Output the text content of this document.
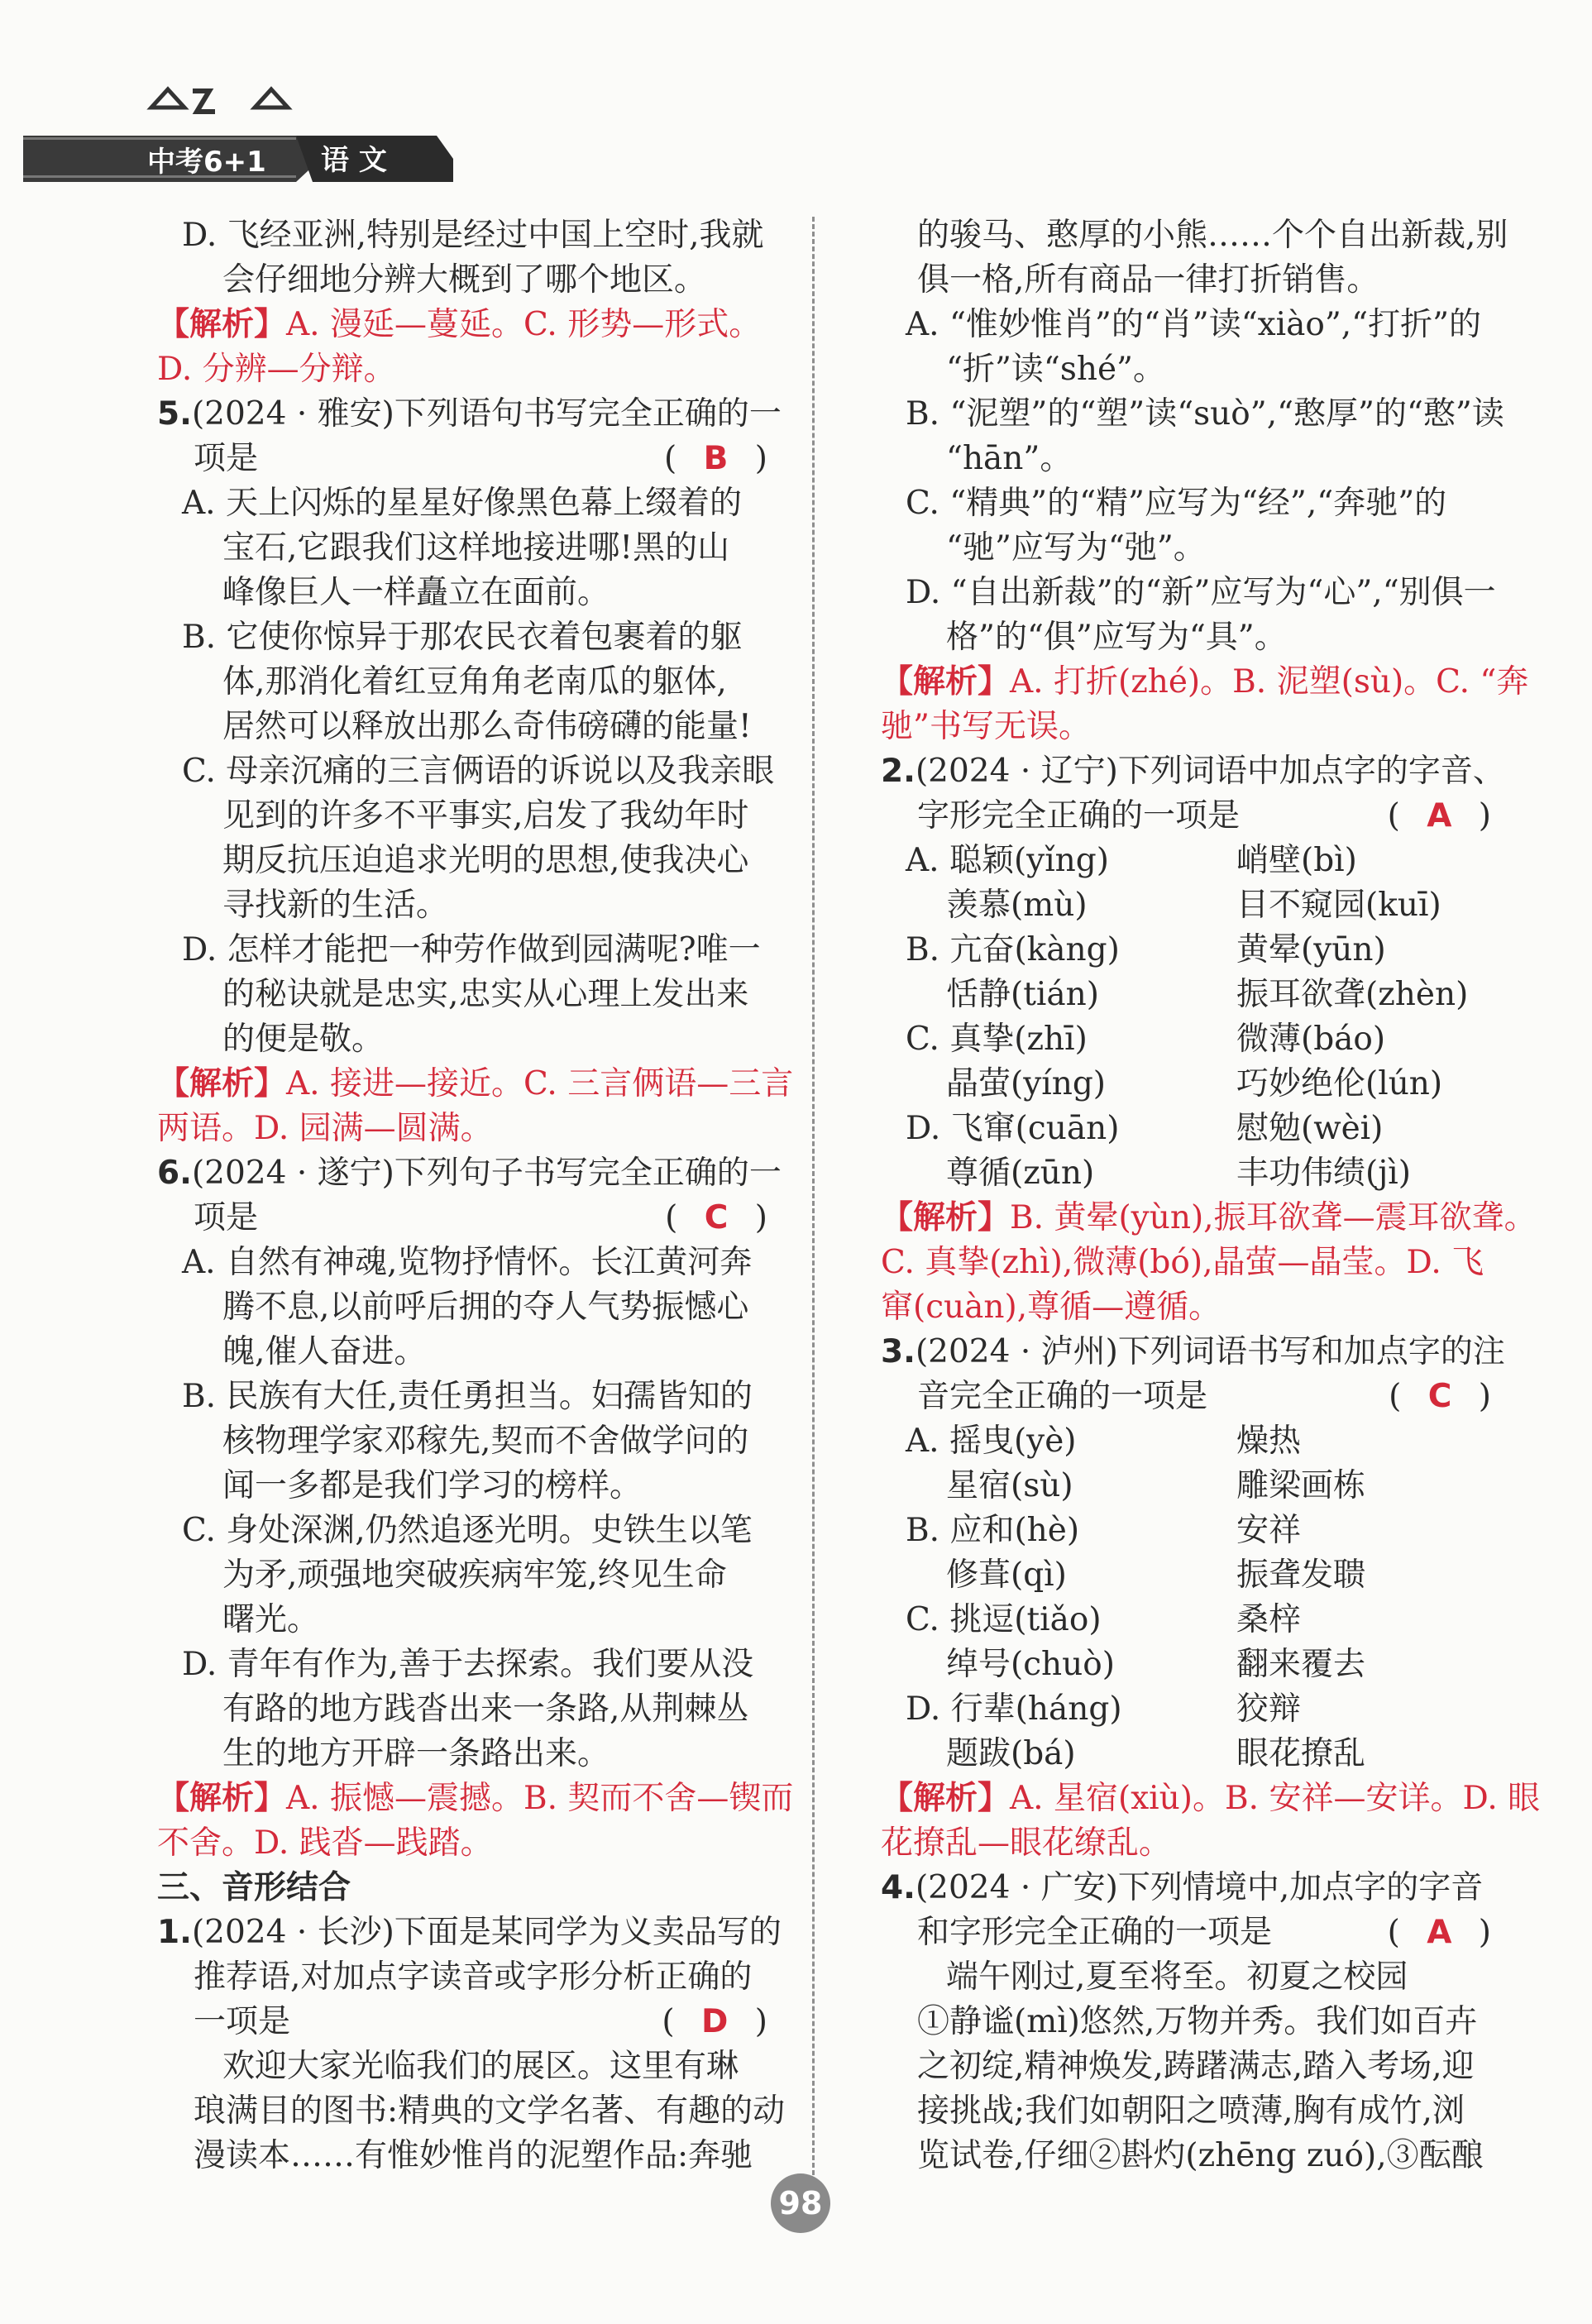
中考6+1 语 文
D. 飞经亚洲,特别是经过中国上空时,我就
会仔细地分辨大概到了哪个地区。
【解析】A. 漫延—蔓延。C. 形势—形式。
D. 分辨—分辩。
5.(2024 · 雅安)下列语句书写完全正确的一
项是	( B )
A. 天上闪烁的星星好像黑色幕上缀着的
宝石,它跟我们这样地接进哪!黑的山
峰像巨人一样矗立在面前。
B. 它使你惊异于那农民衣着包裹着的躯
体,那消化着红豆角角老南瓜的躯体,
居然可以释放出那么奇伟磅礴的能量!
C. 母亲沉痛的三言俩语的诉说以及我亲眼
见到的许多不平事实,启发了我幼年时
期反抗压迫追求光明的思想,使我决心
寻找新的生活。
D. 怎样才能把一种劳作做到园满呢?唯一
的秘诀就是忠实,忠实从心理上发出来
的便是敬。
【解析】A. 接进—接近。C. 三言俩语—三言
两语。D. 园满—圆满。
6.(2024 · 遂宁)下列句子书写完全正确的一
项是	( C )
A. 自然有神魂,览物抒情怀。长江黄河奔
腾不息,以前呼后拥的夺人气势振憾心
魄,催人奋进。
B. 民族有大任,责任勇担当。妇孺皆知的
核物理学家邓稼先,契而不舍做学问的
闻一多都是我们学习的榜样。
C. 身处深渊,仍然追逐光明。史铁生以笔
为矛,顽强地突破疾病牢笼,终见生命
曙光。
D. 青年有作为,善于去探索。我们要从没
有路的地方践沓出来一条路,从荆棘丛
生的地方开辟一条路出来。
【解析】A. 振憾—震撼。B. 契而不舍—锲而
不舍。D. 践沓—践踏。
三、音形结合
1.(2024 · 长沙)下面是某同学为义卖品写的
推荐语,对加点字读音或字形分析正确的
一项是	( D )
欢迎大家光临我们的展区。这里有琳
琅满目的图书:精典的文学名著、有趣的动
漫读本……有惟妙惟肖的泥塑作品:奔驰
的骏马、憨厚的小熊……个个自出新裁,别
俱一格,所有商品一律打折销售。
A. “惟妙惟肖”的“肖”读“xiào”,“打折”的
“折”读“shé”。
B. “泥塑”的“塑”读“suò”,“憨厚”的“憨”读
“hān”。
C. “精典”的“精”应写为“经”,“奔驰”的
“驰”应写为“弛”。
D. “自出新裁”的“新”应写为“心”,“别俱一
格”的“俱”应写为“具”。
【解析】A. 打折(zhé)。B. 泥塑(sù)。C. “奔
驰”书写无误。
2.(2024 · 辽宁)下列词语中加点字的字音、
字形完全正确的一项是	( A )
A. 聪颖(yǐng)	峭壁(bì)
羡慕(mù)	目不窥园(kuī)
B. 亢奋(kàng)	黄晕(yūn)
恬静(tián)	振耳欲聋(zhèn)
C. 真挚(zhī)	微薄(báo)
晶萤(yíng)	巧妙绝伦(lún)
D. 飞窜(cuān)	慰勉(wèi)
尊循(zūn)	丰功伟绩(jì)
【解析】B. 黄晕(yùn),振耳欲聋—震耳欲聋。
C. 真挚(zhì),微薄(bó),晶萤—晶莹。D. 飞
窜(cuàn),尊循—遵循。
3.(2024 · 泸州)下列词语书写和加点字的注
音完全正确的一项是	( C )
A. 摇曳(yè)	燥热
星宿(sù)	雕梁画栋
B. 应和(hè)	安祥
修葺(qì)	振聋发聩
C. 挑逗(tiǎo)	桑梓
绰号(chuò)	翻来覆去
D. 行辈(háng)	狡辩
题跋(bá)	眼花撩乱
【解析】A. 星宿(xiù)。B. 安祥—安详。D. 眼
花撩乱—眼花缭乱。
4.(2024 · 广安)下列情境中,加点字的字音
和字形完全正确的一项是	( A )
端午刚过,夏至将至。初夏之校园
①静谧(mì)悠然,万物并秀。我们如百卉
之初绽,精神焕发,踌躇满志,踏入考场,迎
接挑战;我们如朝阳之喷薄,胸有成竹,浏
览试卷,仔细②斟灼(zhēng zuó),③酝酿
98
